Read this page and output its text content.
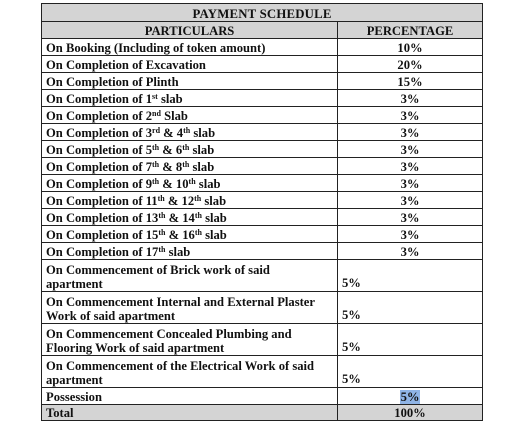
PAYMENT SCHEDULE	
PARTICULARS	PERCENTAGE
On Booking (Including of token amount)	10%
On Completion of Excavation	20%
On Completion of Plinth	15%
On Completion of 1st slab	3%
On Completion of 2nd Slab	3%
On Completion of 3rd & 4th slab	3%
On Completion of 5th & 6th slab	3%
On Completion of 7th & 8th slab	3%
On Completion of 9th & 10th slab	3%
On Completion of 11th & 12th slab	3%
On Completion of 13th & 14th slab	3%
On Completion of 15th & 16th slab	3%
On Completion of 17th slab	3%
On Commencement of Brick work of said
apartment	5%
On Commencement Internal and External Plaster
Work of said apartment	5%
On Commencement Concealed Plumbing and
Flooring Work of said apartment	5%
On Commencement of the Electrical Work of said
apartment	5%
Possession	5%
Total	100%
